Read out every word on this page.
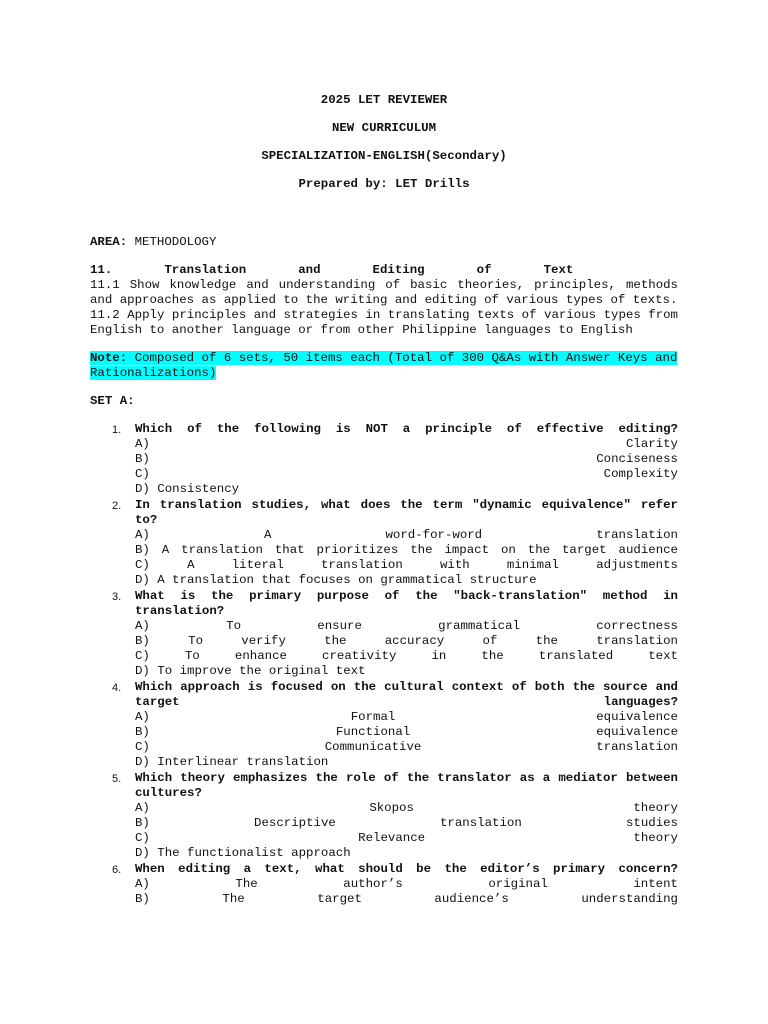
2025 LET REVIEWER

NEW CURRICULUM

SPECIALIZATION-ENGLISH(Secondary)

Prepared by: LET Drills

AREA: METHODOLOGY
11.       Translation       and       Editing       of       Text
11.1 Show knowledge and understanding of basic theories, principles, methods and approaches as applied to the writing and editing of various types of texts.
11.2 Apply principles and strategies in translating texts of various types from English to another language or from other Philippine languages to English
Note: Composed of 6 sets, 50 items each (Total of 300 Q&As with Answer Keys and Rationalizations)
SET A:
1. Which of the following is NOT a principle of effective editing?
A) Clarity
B) Conciseness
C) Complexity
D) Consistency
2. In translation studies, what does the term "dynamic equivalence" refer to?
A) A word-for-word translation
B) A translation that prioritizes the impact on the target audience
C) A literal translation with minimal adjustments
D) A translation that focuses on grammatical structure
3. What is the primary purpose of the "back-translation" method in translation?
A) To ensure grammatical correctness
B) To verify the accuracy of the translation
C) To enhance creativity in the translated text
D) To improve the original text
4. Which approach is focused on the cultural context of both the source and target languages?
A) Formal equivalence
B) Functional equivalence
C) Communicative translation
D) Interlinear translation
5. Which theory emphasizes the role of the translator as a mediator between cultures?
A) Skopos theory
B) Descriptive translation studies
C) Relevance theory
D) The functionalist approach
6. When editing a text, what should be the editor’s primary concern?
A) The author’s original intent
B) The target audience’s understanding
